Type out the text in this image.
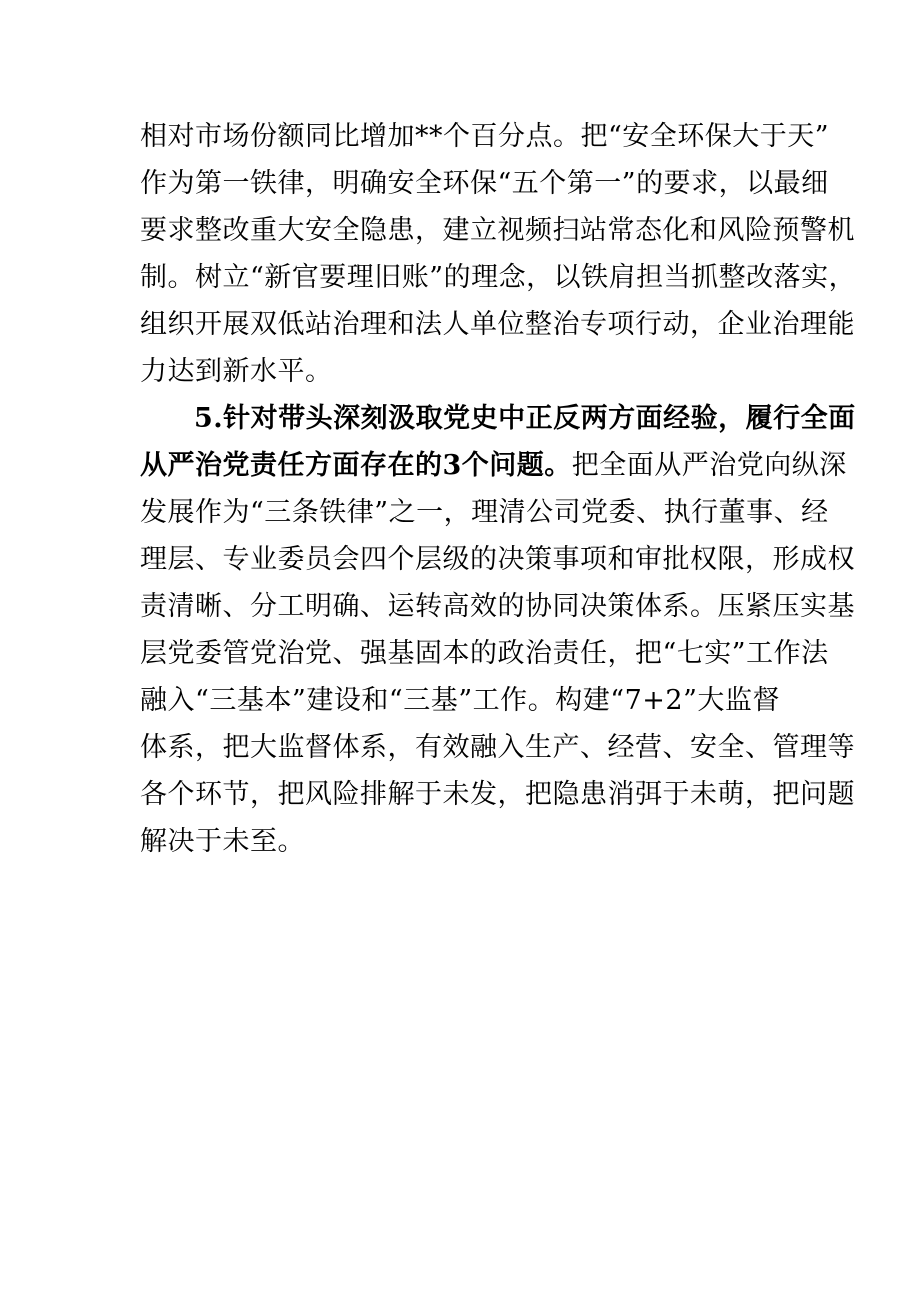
相对市场份额同比增加**个百分点。把“安全环保大于天”
作为第一铁律，明确安全环保“五个第一”的要求，以最细
要求整改重大安全隐患，建立视频扫站常态化和风险预警机
制。树立“新官要理旧账”的理念，以铁肩担当抓整改落实，
组织开展双低站治理和法人单位整治专项行动，企业治理能
力达到新水平。
5.针对带头深刻汲取党史中正反两方面经验，履行全面
从严治党责任方面存在的3个问题。把全面从严治党向纵深
发展作为“三条铁律”之一，理清公司党委、执行董事、经
理层、专业委员会四个层级的决策事项和审批权限，形成权
责清晰、分工明确、运转高效的协同决策体系。压紧压实基
层党委管党治党、强基固本的政治责任，把“七实”工作法
融入“三基本”建设和“三基”工作。构建“7+2”大监督
体系，把大监督体系，有效融入生产、经营、安全、管理等
各个环节，把风险排解于未发，把隐患消弭于未萌，把问题
解决于未至。
